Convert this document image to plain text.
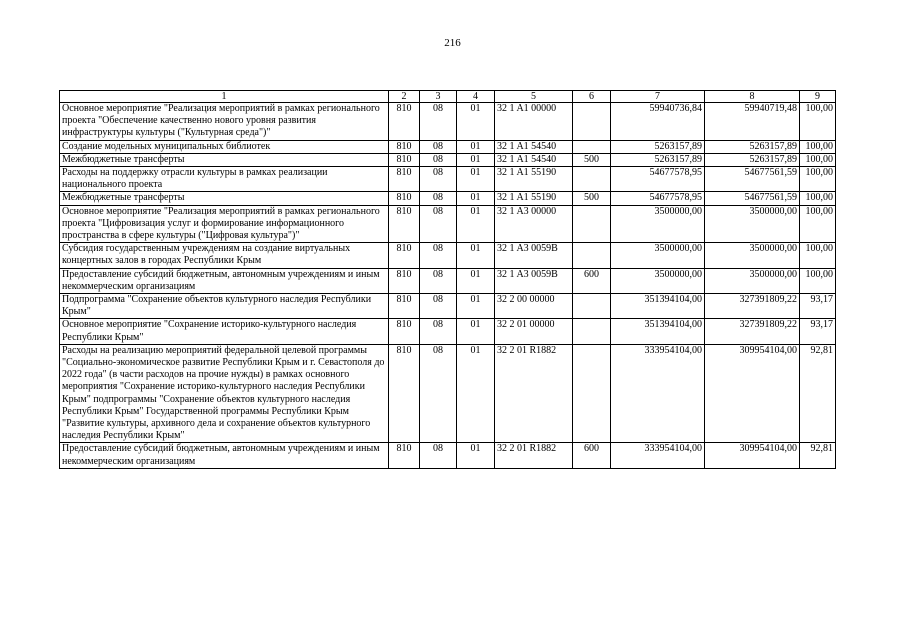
216
1	2	3	4	5	6	7	8	9
Основное мероприятие "Реализация мероприятий в рамках регионального проекта "Обеспечение качественно нового уровня развития инфраструктуры культуры ("Культурная среда")"	810	08	01	32 1 A1 00000		59940736,84	59940719,48	100,00
Создание модельных муниципальных библиотек	810	08	01	32 1 A1 54540		5263157,89	5263157,89	100,00
Межбюджетные трансферты	810	08	01	32 1 A1 54540	500	5263157,89	5263157,89	100,00
Расходы на поддержку отрасли культуры в рамках реализации национального проекта	810	08	01	32 1 A1 55190		54677578,95	54677561,59	100,00
Межбюджетные трансферты	810	08	01	32 1 A1 55190	500	54677578,95	54677561,59	100,00
Основное мероприятие "Реализация мероприятий в рамках регионального проекта "Цифровизация услуг и формирование информационного пространства в сфере культуры ("Цифровая культура")"	810	08	01	32 1 A3 00000		3500000,00	3500000,00	100,00
Субсидия государственным учреждениям на создание виртуальных концертных залов в городах Республики Крым	810	08	01	32 1 A3 0059B		3500000,00	3500000,00	100,00
Предоставление субсидий бюджетным, автономным учреждениям и иным некоммерческим организациям	810	08	01	32 1 A3 0059B	600	3500000,00	3500000,00	100,00
Подпрограмма "Сохранение объектов культурного наследия Республики Крым"	810	08	01	32 2 00 00000		351394104,00	327391809,22	93,17
Основное мероприятие "Сохранение историко-культурного наследия Республики Крым"	810	08	01	32 2 01 00000		351394104,00	327391809,22	93,17
Расходы на реализацию мероприятий федеральной целевой программы "Социально-экономическое развитие Республики Крым и г. Севастополя до 2022 года" (в части расходов на прочие нужды) в рамках основного мероприятия "Сохранение историко-культурного наследия Республики Крым" подпрограммы "Сохранение объектов культурного наследия Республики Крым" Государственной программы Республики Крым "Развитие культуры, архивного дела и сохранение объектов культурного наследия Республики Крым"	810	08	01	32 2 01 R1882		333954104,00	309954104,00	92,81
Предоставление субсидий бюджетным, автономным учреждениям и иным некоммерческим организациям	810	08	01	32 2 01 R1882	600	333954104,00	309954104,00	92,81
